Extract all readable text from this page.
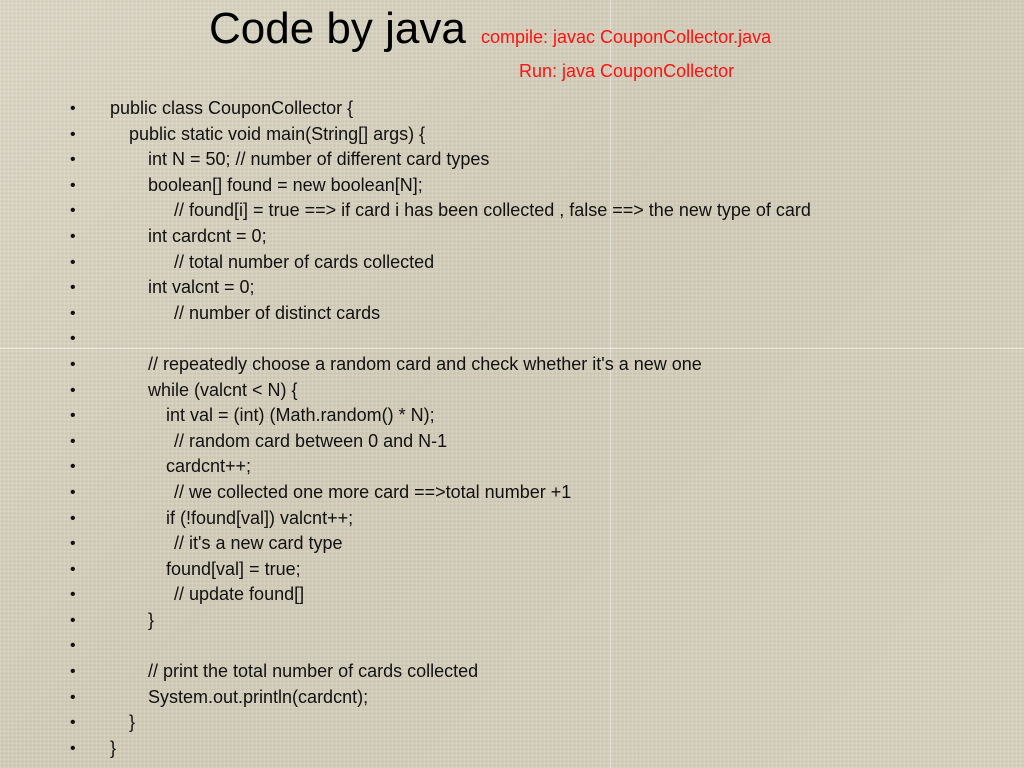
Code by java compile: javac CouponCollector.java
Run: java CouponCollector
• public class CouponCollector {
•	public static void main(String[] args) {
•	int N = 50; // number of different card types
•	boolean[] found = new boolean[N];
•	// found[i] = true ==> if card i has been collected , false ==> the new type of card
•	int cardcnt = 0;
•	// total number of cards collected
•	int valcnt = 0;
•	// number of distinct cards
•
•	// repeatedly choose a random card and check whether it's a new one
•	while (valcnt < N) {
•	int val = (int) (Math.random() * N);
•	// random card between 0 and N-1
•	cardcnt++;
•	// we collected one more card ==>total number +1
•	if (!found[val]) valcnt++;
•	// it's a new card type
•	found[val] = true;
•	// update found[]
•	}
•
•	// print the total number of cards collected
•	System.out.println(cardcnt);
•	}
• }
